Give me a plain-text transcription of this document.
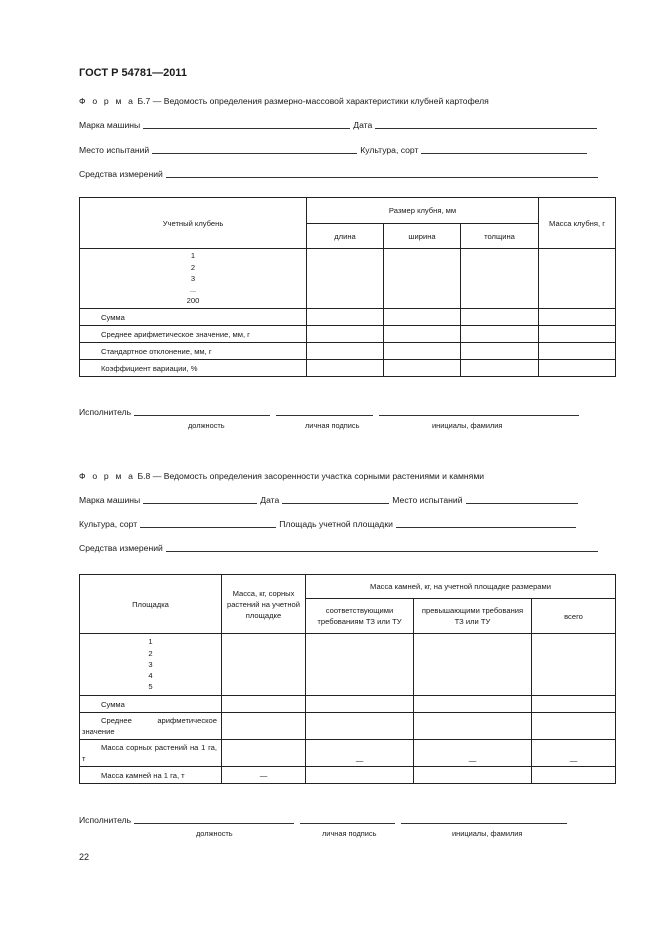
ГОСТ Р 54781—2011
Ф о р м а Б.7 — Ведомость определения размерно-массовой характеристики клубней картофеля
Марка машины	Дата
Место испытаний	Культура, сорт
Средства измерений
Учетный клубень	Размер клубня, мм			Масса клубня, г
	длина	ширина	толщина	

1
2
3
...
200				

Сумма				
Среднее арифметическое значение, мм, г				
Стандартное отклонение, мм, г				
Коэффициент вариации, %				
Исполнитель
должность	личная подпись	инициалы, фамилия
Ф о р м а Б.8 — Ведомость определения засоренности участка сорными растениями и камнями
Марка машины	Дата	Место испытаний
Культура, сорт	Площадь учетной площадки
Средства измерений
Площадка	Масса, кг, сорных растений на учетной площадке	Масса камней, кг, на учетной площадке размерами		
		соответствующими требованиям ТЗ или ТУ	превышающими требования ТЗ или ТУ	всего

1
2
3
4
5				

Сумма				
Среднее арифметическое значение				
Масса сорных растений на 1 га, т		—	—	—
Масса камней на 1 га, т	—			
Исполнитель
должность	личная подпись	инициалы, фамилия
22
